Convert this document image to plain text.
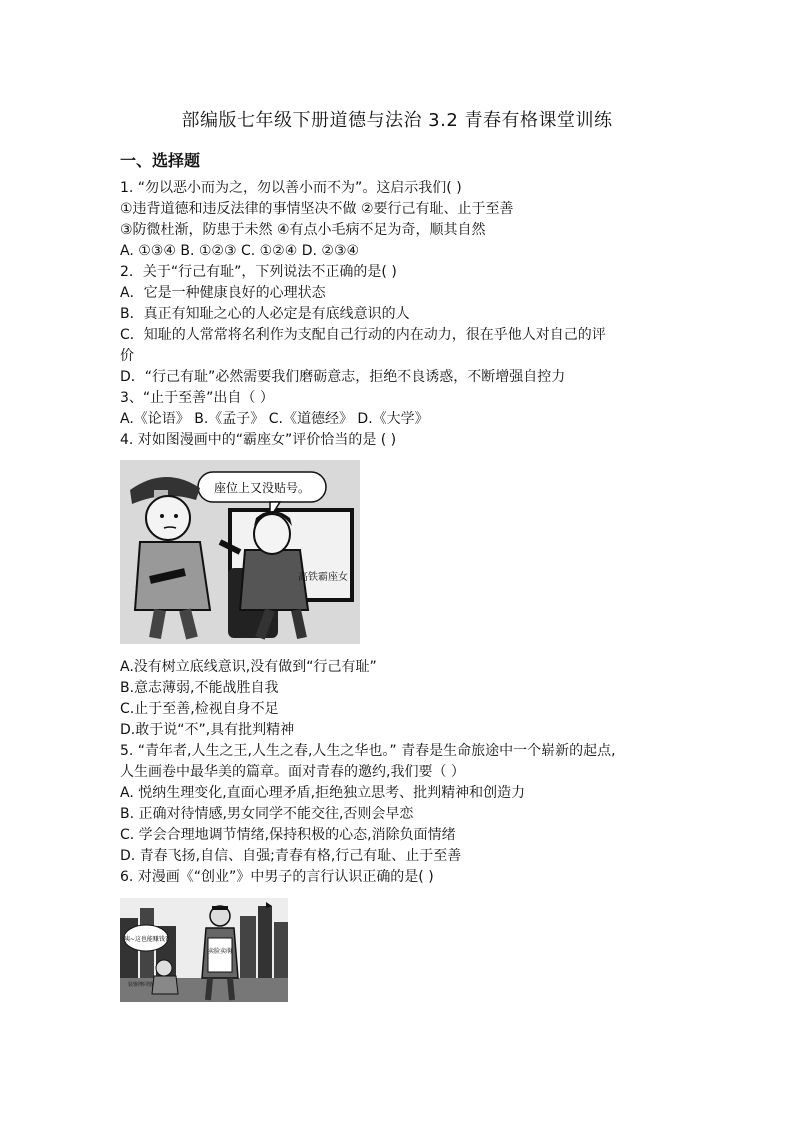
部编版七年级下册道德与法治 3.2 青春有格课堂训练
一、选择题
1. “勿以恶小而为之，勿以善小而不为”。这启示我们( )
①违背道德和违反法律的事情坚决不做 ②要行己有耻、止于至善
③防微杜渐，防患于未然 ④有点小毛病不足为奇，顺其自然
A. ①③④ B. ①②③ C. ①②④ D. ②③④
2．关于“行己有耻”，下列说法不正确的是( )
A．它是一种健康良好的心理状态
B．真正有知耻之心的人必定是有底线意识的人
C．知耻的人常常将名利作为支配自己行动的内在动力，很在乎他人对自己的评
价
D．“行己有耻”必然需要我们磨砺意志，拒绝不良诱惑，不断增强自控力
3、“止于至善”出自（ ）
A.《论语》 B.《孟子》 C.《道德经》 D.《大学》
4. 对如图漫画中的“霸座女”评价恰当的是 ( )
座位上又没贴号。
高铁霸座女
A.没有树立底线意识,没有做到“行己有耻”
B.意志薄弱,不能战胜自我
C.止于至善,检视自身不足
D.敢于说“不”,具有批判精神
5. “青年者,人生之王,人生之春,人生之华也。” 青春是生命旅途中一个崭新的起点,
人生画卷中最华美的篇章。面对青春的邀约,我们要（ ）
A. 悦纳生理变化,直面心理矛盾,拒绝独立思考、批判精神和创造力
B. 正确对待情感,男女同学不能交往,否则会早恋
C. 学会合理地调节情绪,保持积极的心态,消除负面情绪
D. 青春飞扬,自信、自强;青春有格,行己有耻、止于至善
6. 对漫画《“创业”》中男子的言行认识正确的是( )
咦~这也能赚钱?
装惨博同情
卖脸卖萌
